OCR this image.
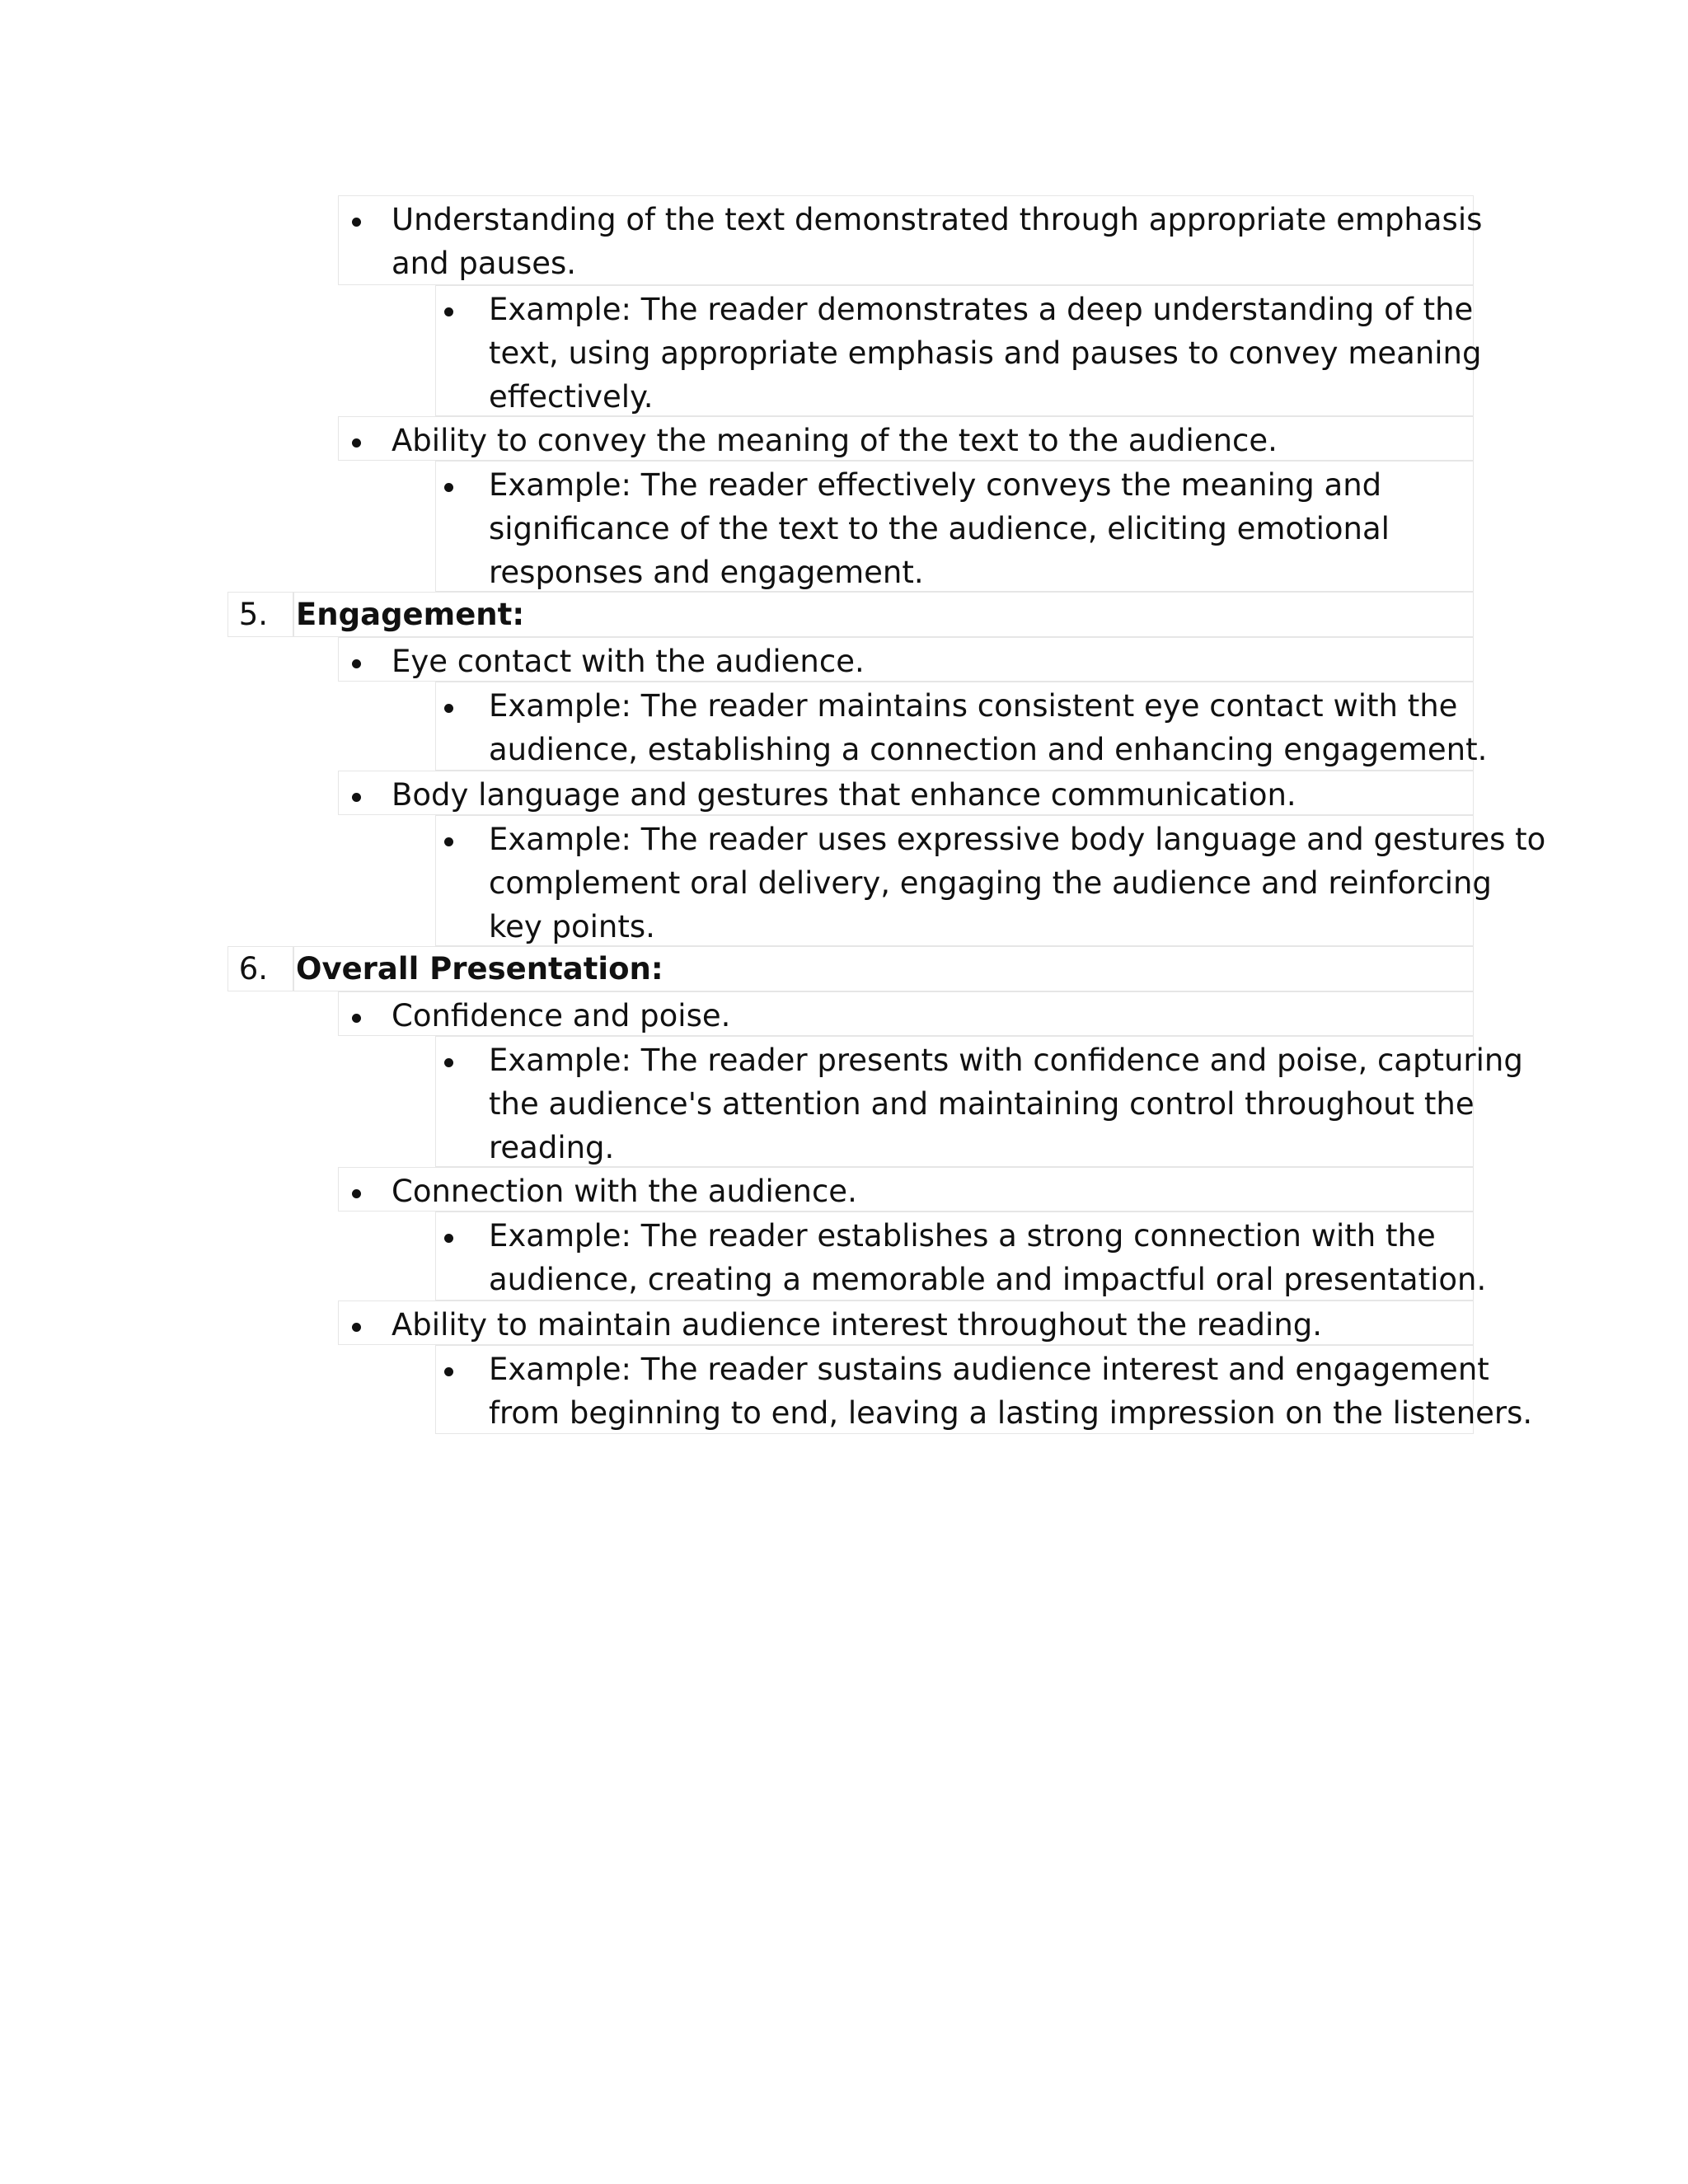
Understanding of the text demonstrated through appropriate emphasis
and pauses.
Example: The reader demonstrates a deep understanding of the
text, using appropriate emphasis and pauses to convey meaning
effectively.
Ability to convey the meaning of the text to the audience.
Example: The reader effectively conveys the meaning and
significance of the text to the audience, eliciting emotional
responses and engagement.
5. Engagement:
Eye contact with the audience.
Example: The reader maintains consistent eye contact with the
audience, establishing a connection and enhancing engagement.
Body language and gestures that enhance communication.
Example: The reader uses expressive body language and gestures to
complement oral delivery, engaging the audience and reinforcing
key points.
6. Overall Presentation:
Confidence and poise.
Example: The reader presents with confidence and poise, capturing
the audience's attention and maintaining control throughout the
reading.
Connection with the audience.
Example: The reader establishes a strong connection with the
audience, creating a memorable and impactful oral presentation.
Ability to maintain audience interest throughout the reading.
Example: The reader sustains audience interest and engagement
from beginning to end, leaving a lasting impression on the listeners.
